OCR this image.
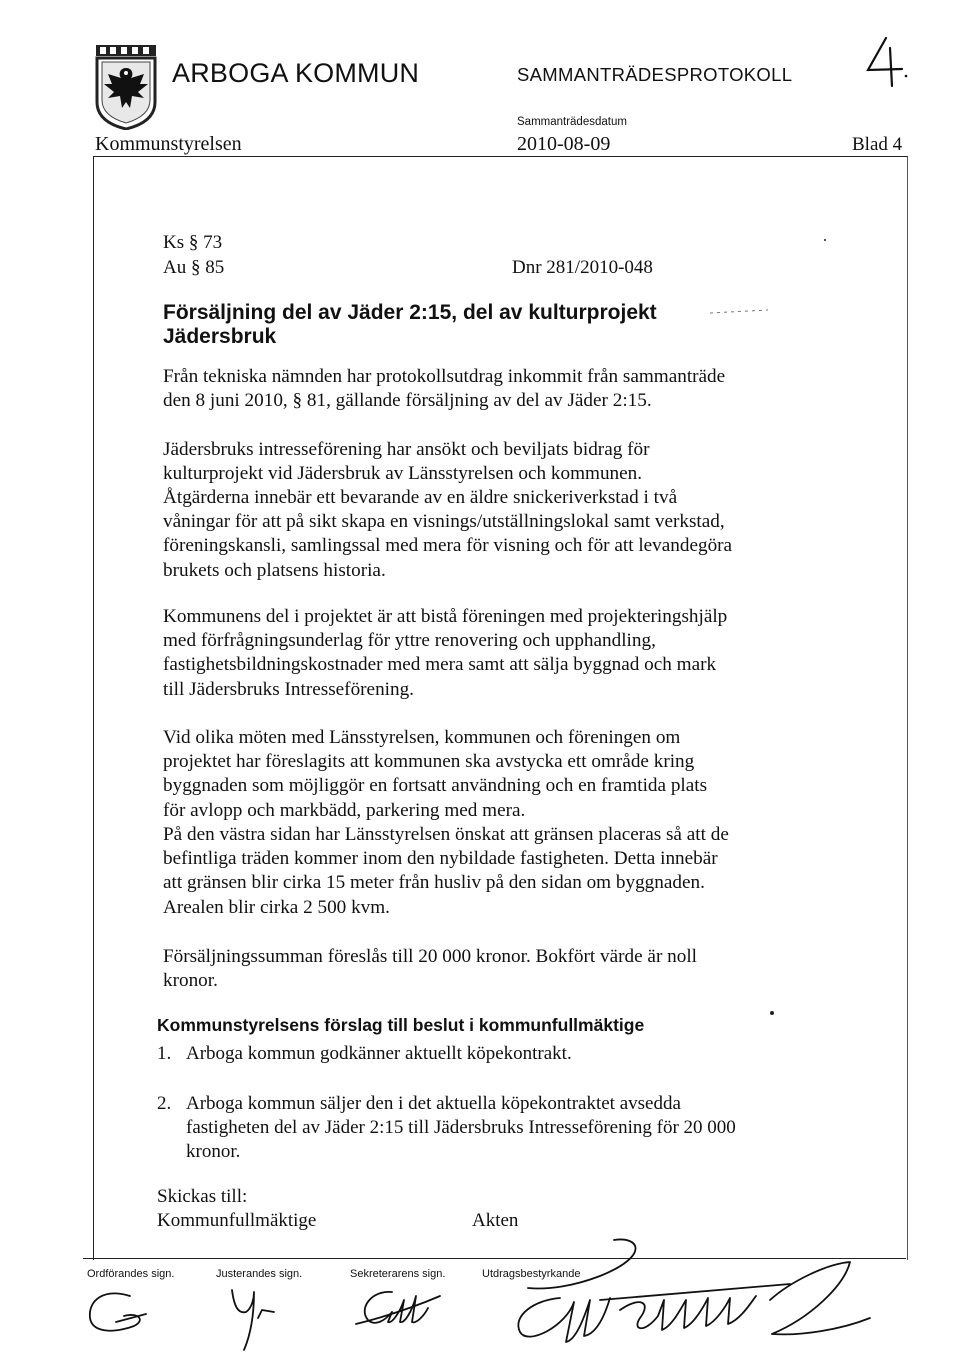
ARBOGA KOMMUN	SAMMANTRÄDESPROTOKOLL
Sammanträdesdatum
Kommunstyrelsen	2010-08-09	Blad 4
Ks § 73
Au § 85	Dnr 281/2010-048
Försäljning del av Jäder 2:15, del av kulturprojekt Jädersbruk
Från tekniska nämnden har protokollsutdrag inkommit från sammanträde
den 8 juni 2010, § 81, gällande försäljning av del av Jäder 2:15.
Jädersbruks intresseförening har ansökt och beviljats bidrag för
kulturprojekt vid Jädersbruk av Länsstyrelsen och kommunen.
Åtgärderna innebär ett bevarande av en äldre snickeriverkstad i två
våningar för att på sikt skapa en visnings/utställningslokal samt verkstad,
föreningskansli, samlingssal med mera för visning och för att levandegöra
brukets och platsens historia.
Kommunens del i projektet är att bistå föreningen med projekteringshjälp
med förfrågningsunderlag för yttre renovering och upphandling,
fastighetsbildningskostnader med mera samt att sälja byggnad och mark
till Jädersbruks Intresseförening.
Vid olika möten med Länsstyrelsen, kommunen och föreningen om
projektet har föreslagits att kommunen ska avstycka ett område kring
byggnaden som möjliggör en fortsatt användning och en framtida plats
för avlopp och markbädd, parkering med mera.
På den västra sidan har Länsstyrelsen önskat att gränsen placeras så att de
befintliga träden kommer inom den nybildade fastigheten. Detta innebär
att gränsen blir cirka 15 meter från husliv på den sidan om byggnaden.
Arealen blir cirka 2 500 kvm.
Försäljningssumman föreslås till 20 000 kronor. Bokfört värde är noll
kronor.
Kommunstyrelsens förslag till beslut i kommunfullmäktige
1. Arboga kommun godkänner aktuellt köpekontrakt.
2. Arboga kommun säljer den i det aktuella köpekontraktet avsedda
fastigheten del av Jäder 2:15 till Jädersbruks Intresseförening för 20 000
kronor.
Skickas till:
Kommunfullmäktige	Akten
Ordförandes sign.	Justerandes sign.	Sekreterarens sign.	Utdragsbestyrkande
